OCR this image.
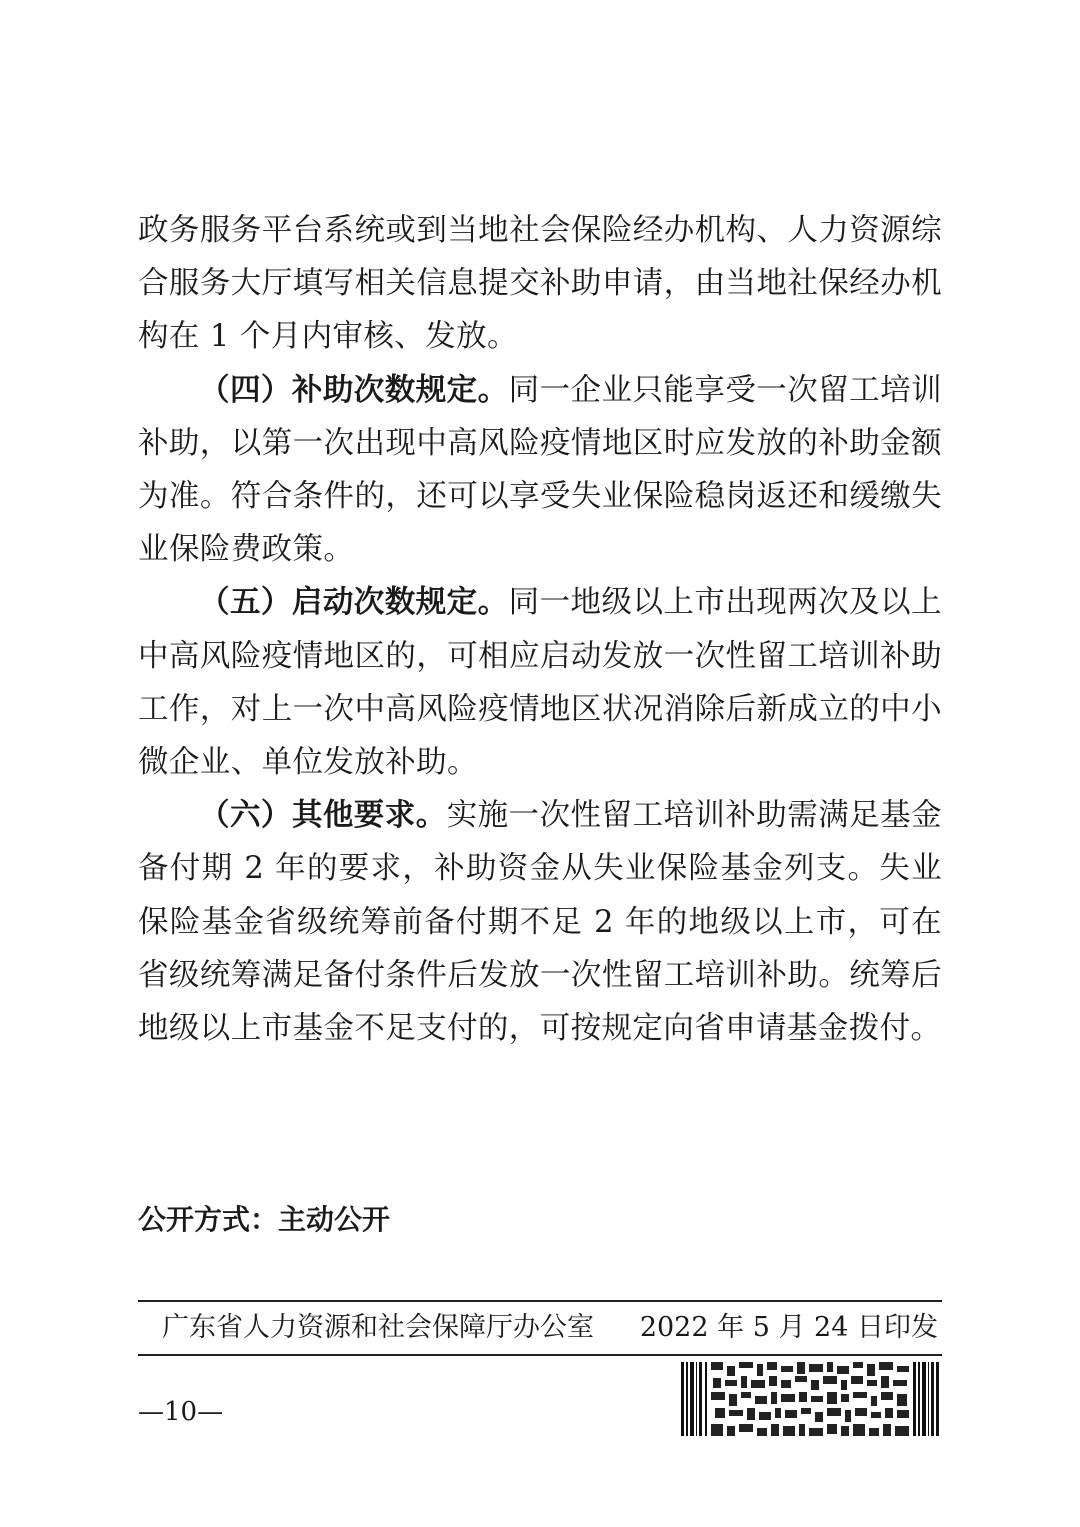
政务服务平台系统或到当地社会保险经办机构、人力资源综合服务大厅填写相关信息提交补助申请，由当地社保经办机构在 1 个月内审核、发放。

（四）补助次数规定。同一企业只能享受一次留工培训补助，以第一次出现中高风险疫情地区时应发放的补助金额为准。符合条件的，还可以享受失业保险稳岗返还和缓缴失业保险费政策。

（五）启动次数规定。同一地级以上市出现两次及以上中高风险疫情地区的，可相应启动发放一次性留工培训补助工作，对上一次中高风险疫情地区状况消除后新成立的中小微企业、单位发放补助。

（六）其他要求。实施一次性留工培训补助需满足基金备付期 2 年的要求，补助资金从失业保险基金列支。失业保险基金省级统筹前备付期不足 2 年的地级以上市，可在省级统筹满足备付条件后发放一次性留工培训补助。统筹后地级以上市基金不足支付的，可按规定向省申请基金拨付。

公开方式：主动公开
广东省人力资源和社会保障厅办公室 2022 年 5 月 24 日印发
—10—
